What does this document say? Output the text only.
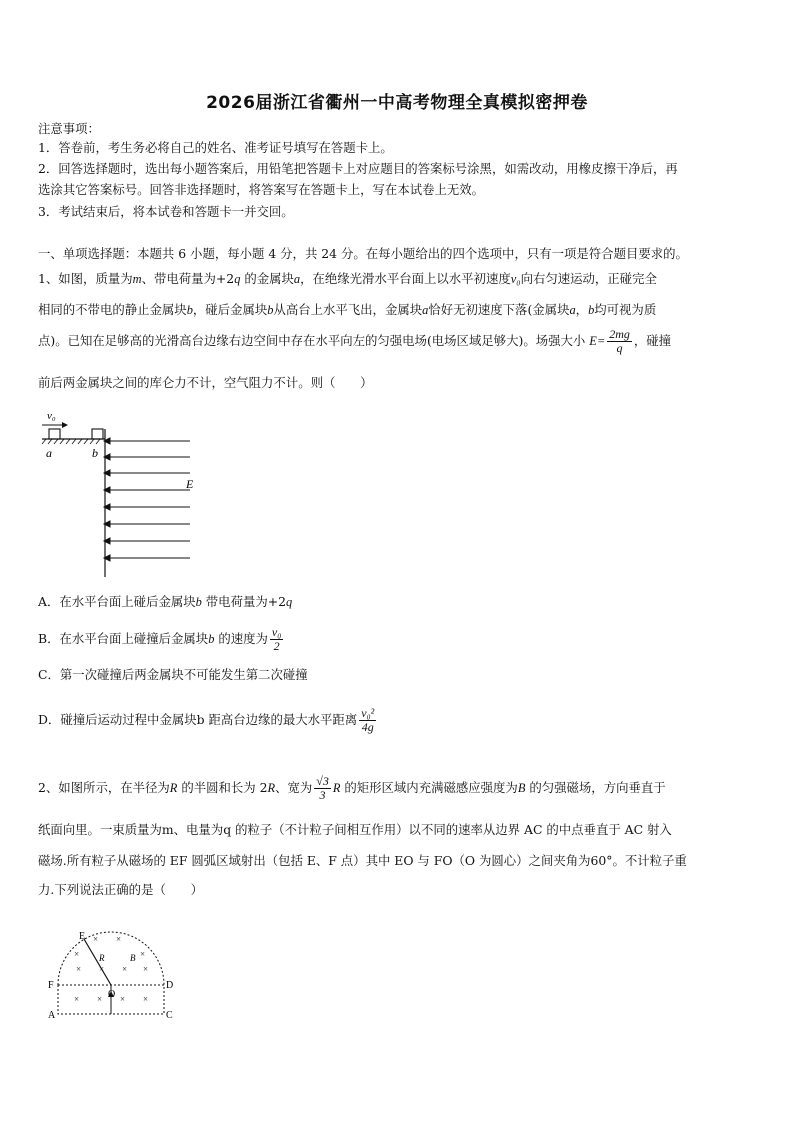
2026届浙江省衢州一中高考物理全真模拟密押卷
注意事项：
1．答卷前，考生务必将自己的姓名、准考证号填写在答题卡上。
2．回答选择题时，选出每小题答案后，用铅笔把答题卡上对应题目的答案标号涂黑，如需改动，用橡皮擦干净后，再
选涂其它答案标号。回答非选择题时，将答案写在答题卡上，写在本试卷上无效。
3．考试结束后，将本试卷和答题卡一并交回。
一、单项选择题：本题共 6 小题，每小题 4 分，共 24 分。在每小题给出的四个选项中，只有一项是符合题目要求的。
1、如图，质量为m、带电荷量为+2q 的金属块a，在绝缘光滑水平台面上以水平初速度v₀向右匀速运动，正碰完全
相同的不带电的静止金属块b，碰后金属块b从高台上水平飞出，金属块a恰好无初速度下落(金属块a，b均可视为质
点)。已知在足够高的光滑高台边缘右边空间中存在水平向左的匀强电场(电场区域足够大)。场强大小 $E= \frac{2mg}{q}$ ，碰撞
前后两金属块之间的库仑力不计，空气阻力不计。则（　　）
v₀
a	b
E
A．在水平台面上碰后金属块b 带电荷量为+2q
B．在水平台面上碰撞后金属块b 的速度为 $\frac{\text{v₀}}{2}$
C．第一次碰撞后两金属块不可能发生第二次碰撞
D．碰撞后运动过程中金属块b 距高台边缘的最大水平距离 $\frac{\text{v₀²}}{4g}$
2、如图所示，在半径为R 的半圆和长为 2R、宽为 $\frac{√3}{3}$ R 的矩形区域内充满磁感应强度为B 的匀强磁场，方向垂直于
纸面向里。一束质量为m、电量为q 的粒子（不计粒子间相互作用）以不同的速率从边界 AC 的中点垂直于 AC 射入
磁场.所有粒子从磁场的 EF 圆弧区域射出（包括 E、F 点）其中 EO 与 FO（O 为圆心）之间夹角为60°。不计粒子重
力.下列说法正确的是（　　）
× ×
×	×
× × × ×
× × × ×
E
F	D
A	C
O
R	B
